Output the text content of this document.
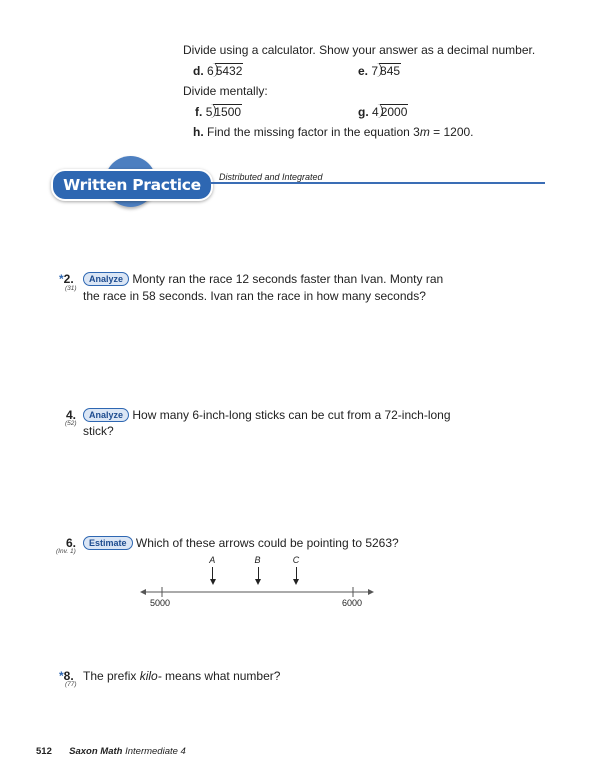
Divide using a calculator. Show your answer as a decimal number.
d. 6 5432	e. 7 845
Divide mentally:
f. 5 1500	g. 4 2000
h. Find the missing factor in the equation 3m = 1200.
Written Practice	Distributed and Integrated
*2.
(31)
Analyze Monty ran the race 12 seconds faster than Ivan. Monty ran
the race in 58 seconds. Ivan ran the race in how many seconds?
4.
(52)
Analyze How many 6-inch-long sticks can be cut from a 72-inch-long
stick?
6.
(Inv. 1)
Estimate Which of these arrows could be pointing to 5263?
A	B	C
5000	6000
*8.
(77)
The prefix kilo- means what number?
512 Saxon Math Intermediate 4
